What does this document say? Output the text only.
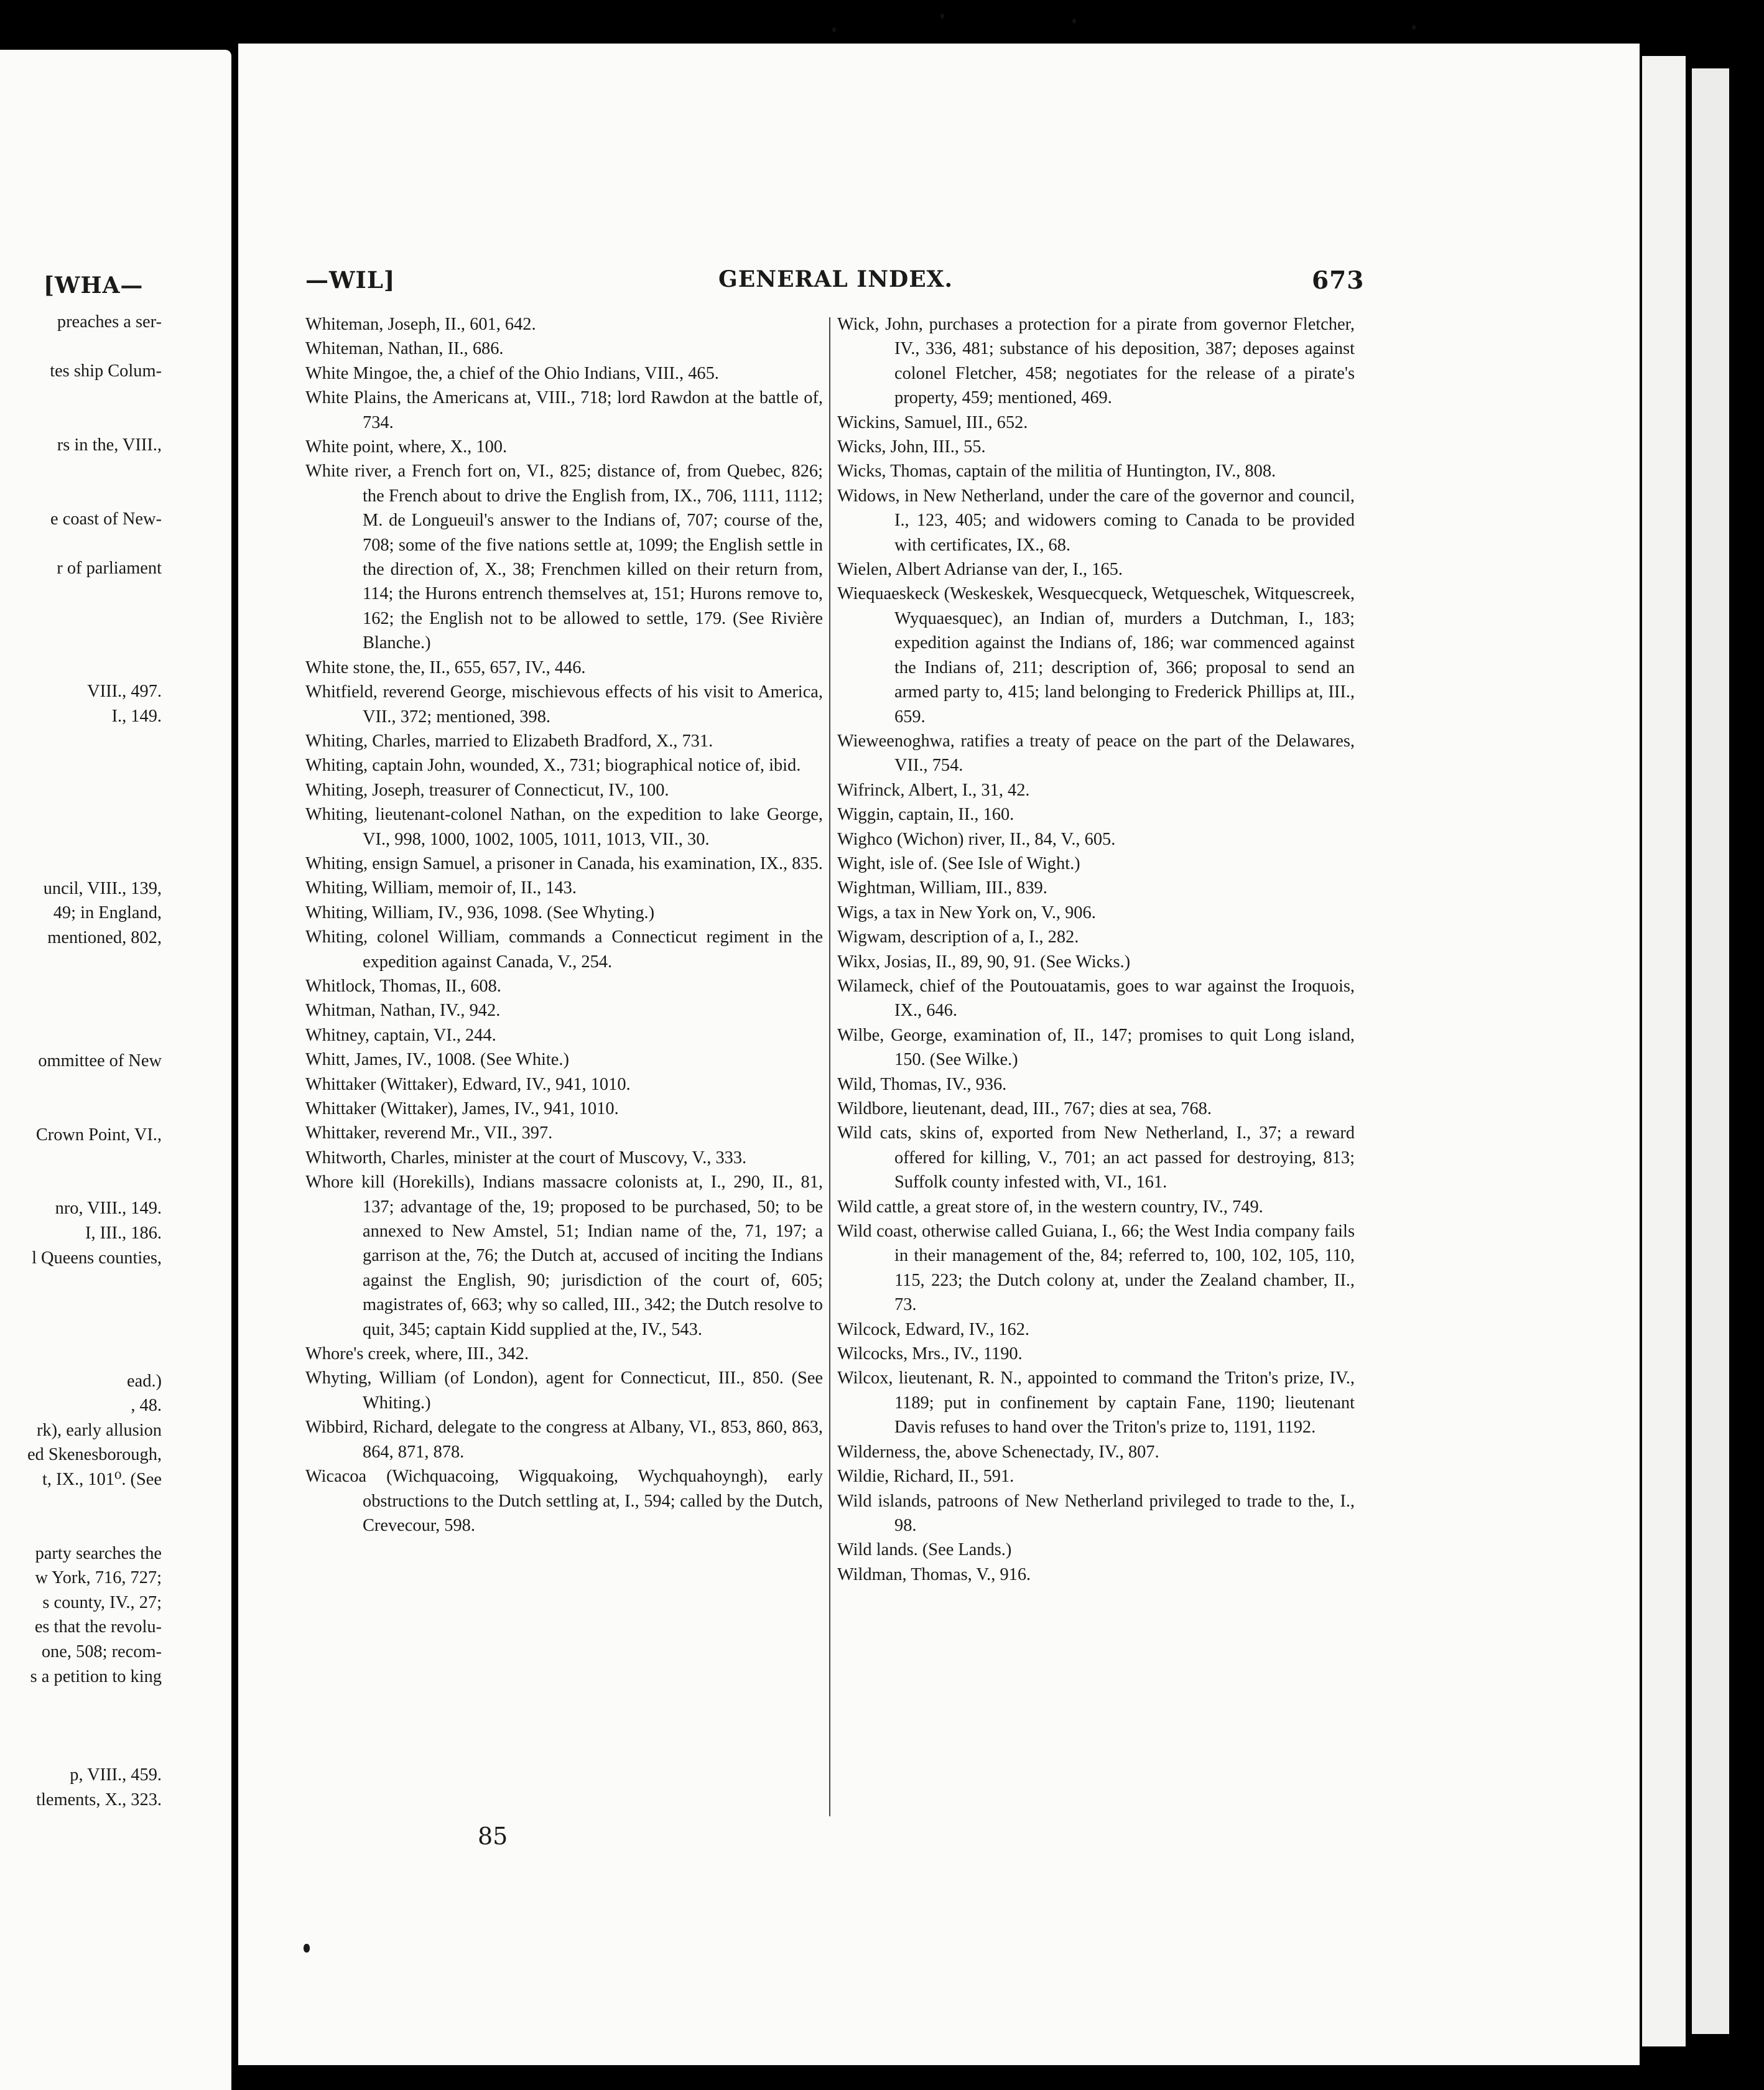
[WHA—
preaches a ser-
tes ship Colum-
rs in the, VIII.,
e coast of New-
r of parliament
VIII., 497.
I., 149.
uncil, VIII., 139,
49; in England,
mentioned, 802,
ommittee of New
Crown Point, VI.,
nro, VIII., 149.
I, III., 186.
l Queens counties,
ead.)
, 48.
rk), early allusion
ed Skenesborough,
t, IX., 101⁰. (See
party searches the
w York, 716, 727;
s county, IV., 27;
es that the revolu-
one, 508; recom-
s a petition to king
p, VIII., 459.
tlements, X., 323.
—WIL]	GENERAL INDEX.	673
Whiteman, Joseph, II., 601, 642.
Whiteman, Nathan, II., 686.
White Mingoe, the, a chief of the Ohio Indians, VIII., 465.
White Plains, the Americans at, VIII., 718; lord Rawdon at the battle of, 734.
White point, where, X., 100.
White river, a French fort on, VI., 825; distance of, from Quebec, 826; the French about to drive the English from, IX., 706, 1111, 1112; M. de Longueuil's answer to the Indians of, 707; course of the, 708; some of the five nations settle at, 1099; the English settle in the direction of, X., 38; Frenchmen killed on their return from, 114; the Hurons entrench themselves at, 151; Hurons remove to, 162; the English not to be allowed to settle, 179. (See Rivière Blanche.)
White stone, the, II., 655, 657, IV., 446.
Whitfield, reverend George, mischievous effects of his visit to America, VII., 372; mentioned, 398.
Whiting, Charles, married to Elizabeth Bradford, X., 731.
Whiting, captain John, wounded, X., 731; biographical notice of, ibid.
Whiting, Joseph, treasurer of Connecticut, IV., 100.
Whiting, lieutenant-colonel Nathan, on the expedition to lake George, VI., 998, 1000, 1002, 1005, 1011, 1013, VII., 30.
Whiting, ensign Samuel, a prisoner in Canada, his examination, IX., 835.
Whiting, William, memoir of, II., 143.
Whiting, William, IV., 936, 1098. (See Whyting.)
Whiting, colonel William, commands a Connecticut regiment in the expedition against Canada, V., 254.
Whitlock, Thomas, II., 608.
Whitman, Nathan, IV., 942.
Whitney, captain, VI., 244.
Whitt, James, IV., 1008. (See White.)
Whittaker (Wittaker), Edward, IV., 941, 1010.
Whittaker (Wittaker), James, IV., 941, 1010.
Whittaker, reverend Mr., VII., 397.
Whitworth, Charles, minister at the court of Muscovy, V., 333.
Whore kill (Horekills), Indians massacre colonists at, I., 290, II., 81, 137; advantage of the, 19; proposed to be purchased, 50; to be annexed to New Amstel, 51; Indian name of the, 71, 197; a garrison at the, 76; the Dutch at, accused of inciting the Indians against the English, 90; jurisdiction of the court of, 605; magistrates of, 663; why so called, III., 342; the Dutch resolve to quit, 345; captain Kidd supplied at the, IV., 543.
Whore's creek, where, III., 342.
Whyting, William (of London), agent for Connecticut, III., 850. (See Whiting.)
Wibbird, Richard, delegate to the congress at Albany, VI., 853, 860, 863, 864, 871, 878.
Wicacoa (Wichquacoing, Wigquakoing, Wychquahoyngh), early obstructions to the Dutch settling at, I., 594; called by the Dutch, Crevecour, 598.
Wick, John, purchases a protection for a pirate from governor Fletcher, IV., 336, 481; substance of his deposition, 387; deposes against colonel Fletcher, 458; negotiates for the release of a pirate's property, 459; mentioned, 469.
Wickins, Samuel, III., 652.
Wicks, John, III., 55.
Wicks, Thomas, captain of the militia of Huntington, IV., 808.
Widows, in New Netherland, under the care of the governor and council, I., 123, 405; and widowers coming to Canada to be provided with certificates, IX., 68.
Wielen, Albert Adrianse van der, I., 165.
Wiequaeskeck (Weskeskek, Wesquecqueck, Wetqueschek, Witquescreek, Wyquaesquec), an Indian of, murders a Dutchman, I., 183; expedition against the Indians of, 186; war commenced against the Indians of, 211; description of, 366; proposal to send an armed party to, 415; land belonging to Frederick Phillips at, III., 659.
Wieweenoghwa, ratifies a treaty of peace on the part of the Delawares, VII., 754.
Wifrinck, Albert, I., 31, 42.
Wiggin, captain, II., 160.
Wighco (Wichon) river, II., 84, V., 605.
Wight, isle of. (See Isle of Wight.)
Wightman, William, III., 839.
Wigs, a tax in New York on, V., 906.
Wigwam, description of a, I., 282.
Wikx, Josias, II., 89, 90, 91. (See Wicks.)
Wilameck, chief of the Poutouatamis, goes to war against the Iroquois, IX., 646.
Wilbe, George, examination of, II., 147; promises to quit Long island, 150. (See Wilke.)
Wild, Thomas, IV., 936.
Wildbore, lieutenant, dead, III., 767; dies at sea, 768.
Wild cats, skins of, exported from New Netherland, I., 37; a reward offered for killing, V., 701; an act passed for destroying, 813; Suffolk county infested with, VI., 161.
Wild cattle, a great store of, in the western country, IV., 749.
Wild coast, otherwise called Guiana, I., 66; the West India company fails in their management of the, 84; referred to, 100, 102, 105, 110, 115, 223; the Dutch colony at, under the Zealand chamber, II., 73.
Wilcock, Edward, IV., 162.
Wilcocks, Mrs., IV., 1190.
Wilcox, lieutenant, R. N., appointed to command the Triton's prize, IV., 1189; put in confinement by captain Fane, 1190; lieutenant Davis refuses to hand over the Triton's prize to, 1191, 1192.
Wilderness, the, above Schenectady, IV., 807.
Wildie, Richard, II., 591.
Wild islands, patroons of New Netherland privileged to trade to the, I., 98.
Wild lands. (See Lands.)
Wildman, Thomas, V., 916.
85
